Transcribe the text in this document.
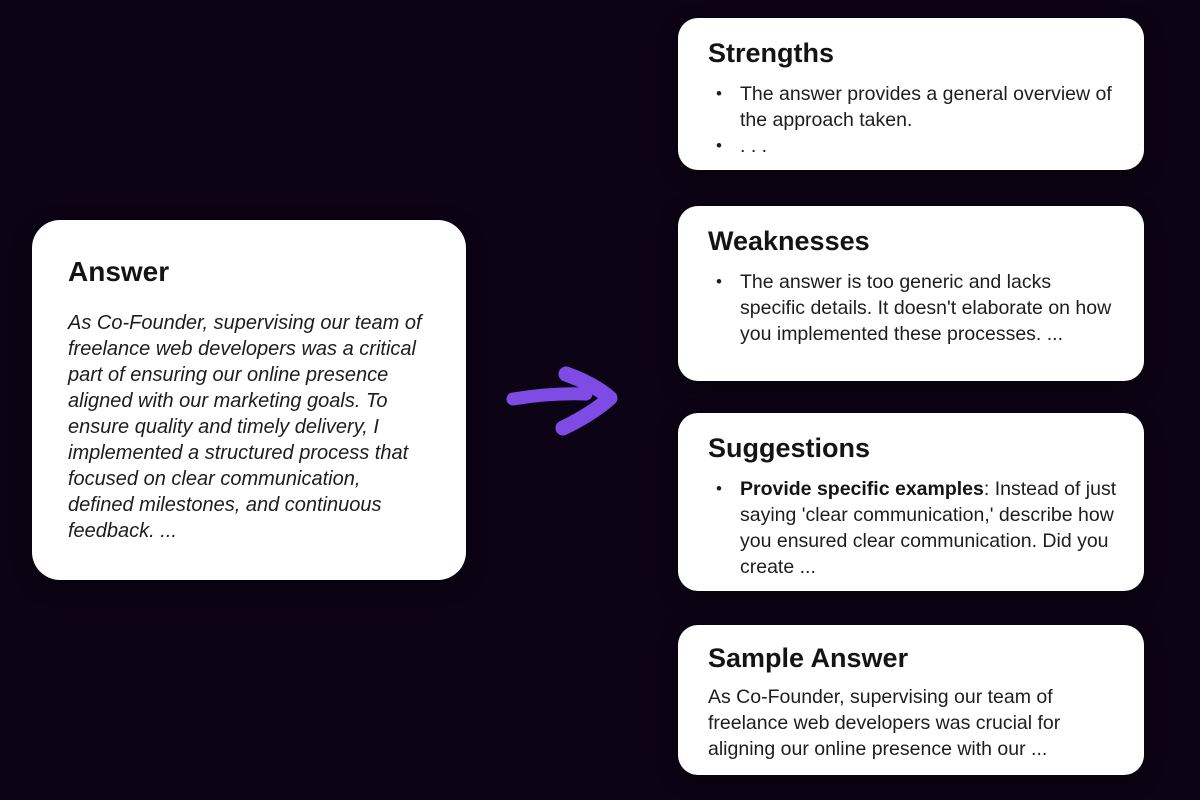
Answer

As Co-Founder, supervising our team of freelance web developers was a critical part of ensuring our online presence aligned with our marketing goals. To ensure quality and timely delivery, I implemented a structured process that focused on clear communication, defined milestones, and continuous feedback. ...

Strengths
• The answer provides a general overview of the approach taken.
• . . .
Weaknesses
• The answer is too generic and lacks specific details. It doesn't elaborate on how you implemented these processes. ...
Suggestions
• Provide specific examples: Instead of just saying 'clear communication,' describe how you ensured clear communication. Did you create ...
Sample Answer

As Co-Founder, supervising our team of freelance web developers was crucial for aligning our online presence with our ...
